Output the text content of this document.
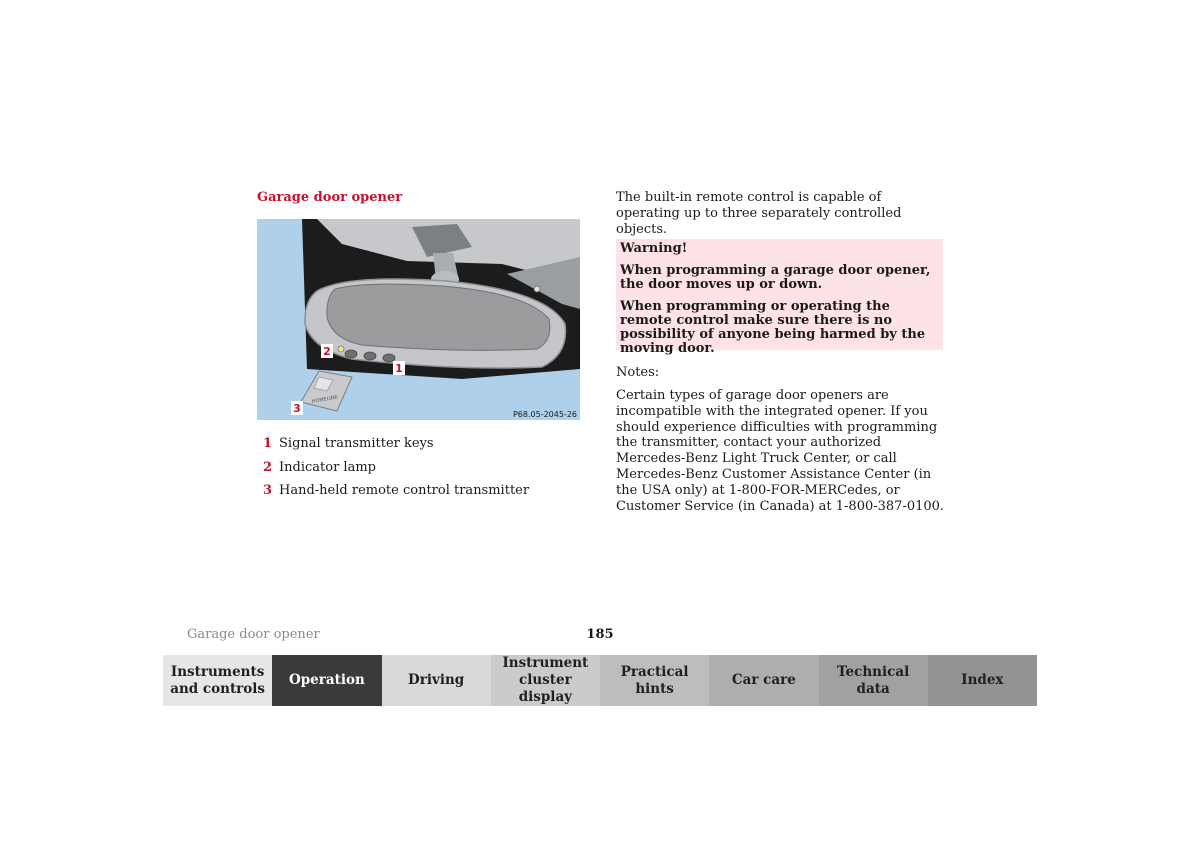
Garage door opener
HOMELINK
2
1
3	P68.05-2045-26
1 Signal transmitter keys
2 Indicator lamp
3 Hand-held remote control transmitter

The built-in remote control is capable of operating up to three separately controlled objects.

Warning!

When programming a garage door opener, the door moves up or down.

When programming or operating the remote control make sure there is no possibility of anyone being harmed by the moving door.

Notes:

Certain types of garage door openers are incompatible with the integrated opener. If you should experience difficulties with programming the transmitter, contact your authorized Mercedes-Benz Light Truck Center, or call Mercedes-Benz Customer Assistance Center (in the USA only) at 1-800-FOR-MERCedes, or Customer Service (in Canada) at 1-800-387-0100.

Garage door opener	185
Instruments and controls
Operation	Driving
Instrument cluster display
Practical hints
Car care
Technical data
Index
